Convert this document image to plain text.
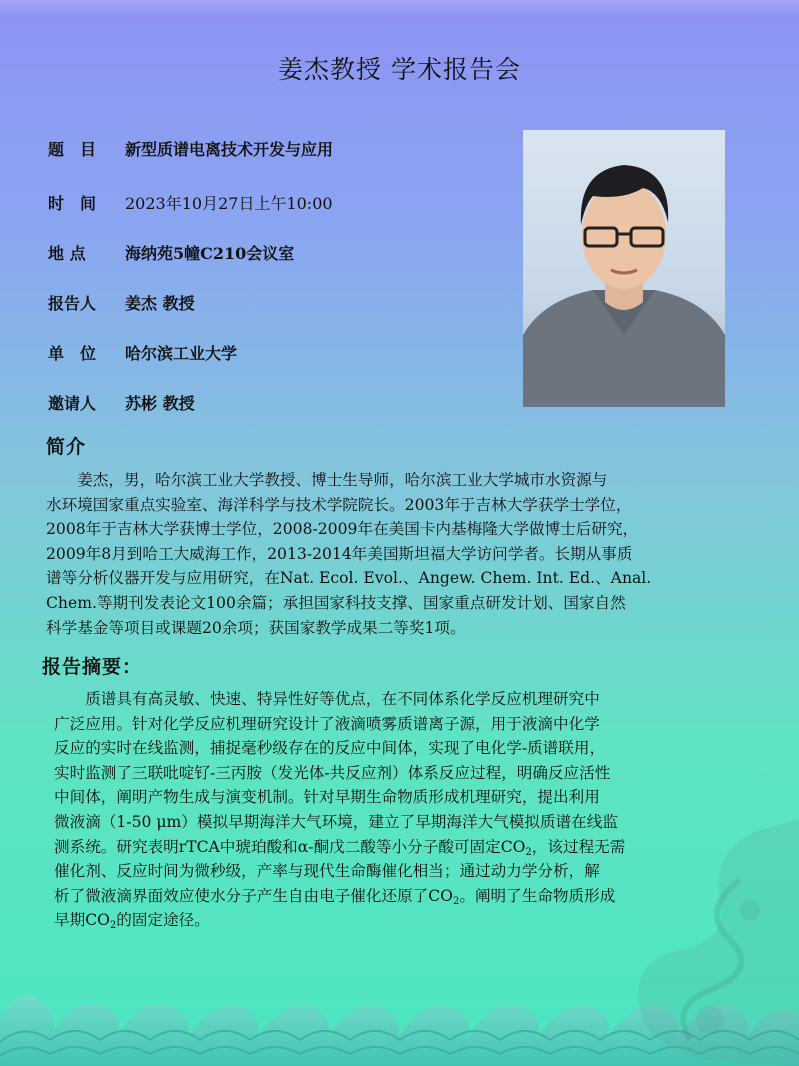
姜杰教授 学术报告会
题　目 新型质谱电离技术开发与应用
时　间 2023年10月27日上午10:00
地 点 海纳苑5幢C210会议室
报告人 姜杰 教授
单　位 哈尔滨工业大学
邀请人 苏彬 教授
简介
　　姜杰，男，哈尔滨工业大学教授、博士生导师，哈尔滨工业大学城市水资源与
水环境国家重点实验室、海洋科学与技术学院院长。2003年于吉林大学获学士学位，
2008年于吉林大学获博士学位，2008-2009年在美国卡内基梅隆大学做博士后研究，
2009年8月到哈工大威海工作，2013-2014年美国斯坦福大学访问学者。长期从事质
谱等分析仪器开发与应用研究，在Nat. Ecol. Evol.、Angew. Chem. Int. Ed.、Anal.
Chem.等期刊发表论文100余篇；承担国家科技支撑、国家重点研发计划、国家自然
科学基金等项目或课题20余项；获国家教学成果二等奖1项。
报告摘要：
　　质谱具有高灵敏、快速、特异性好等优点，在不同体系化学反应机理研究中
广泛应用。针对化学反应机理研究设计了液滴喷雾质谱离子源，用于液滴中化学
反应的实时在线监测，捕捉毫秒级存在的反应中间体，实现了电化学-质谱联用，
实时监测了三联吡啶钌-三丙胺（发光体-共反应剂）体系反应过程，明确反应活性
中间体，阐明产物生成与演变机制。针对早期生命物质形成机理研究，提出利用
微液滴（1-50 μm）模拟早期海洋大气环境，建立了早期海洋大气模拟质谱在线监
测系统。研究表明rTCA中琥珀酸和α-酮戊二酸等小分子酸可固定$CO_2$，该过程无需
催化剂、反应时间为微秒级，产率与现代生命酶催化相当；通过动力学分析，解
析了微液滴界面效应使水分子产生自由电子催化还原了$CO_2$。阐明了生命物质形成
早期$CO_2$的固定途径。
